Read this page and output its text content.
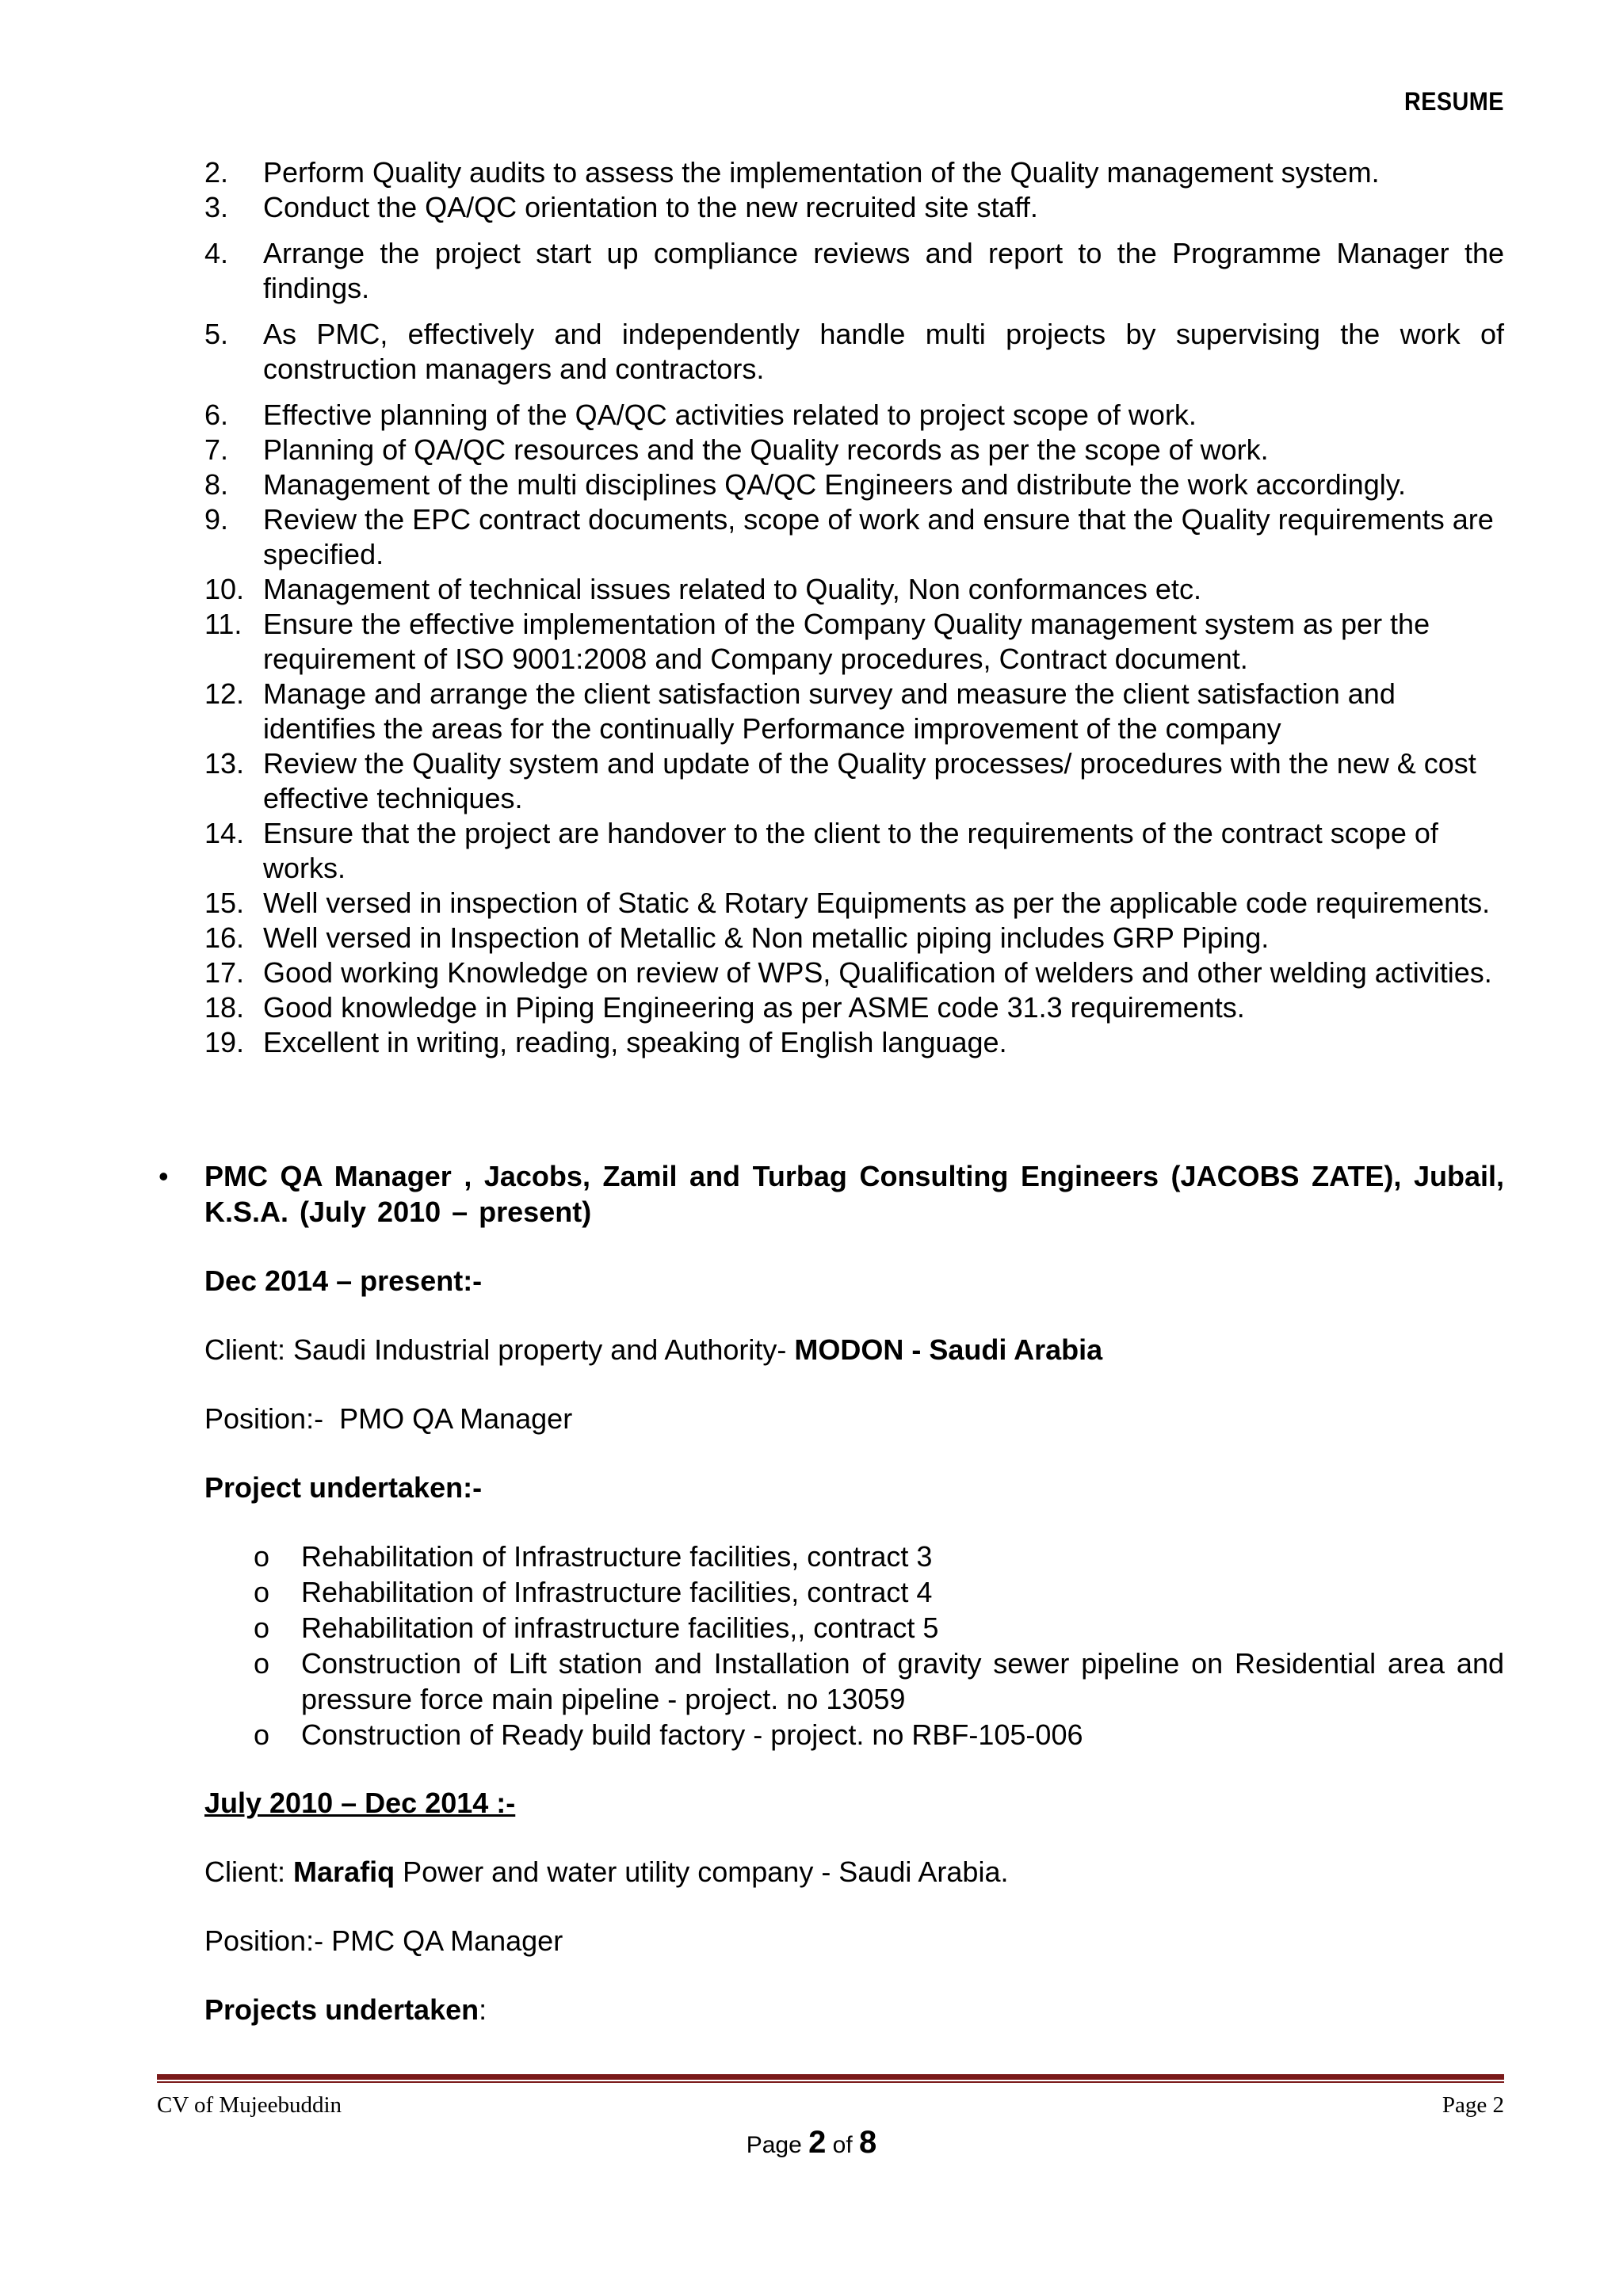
RESUME
2.	Perform Quality audits to assess the implementation of the Quality management system.
3.	Conduct the QA/QC orientation to the new recruited site staff.
4.	Arrange the project start up compliance reviews and report to the Programme Manager the findings.
5.	As PMC, effectively and independently handle multi projects by supervising the work of construction managers and contractors.
6.	Effective planning of the QA/QC activities related to project scope of work.
7.	Planning of QA/QC resources and the Quality records as per the scope of work.
8.	Management of the multi disciplines QA/QC Engineers and distribute the work accordingly.
9.	Review the EPC contract documents, scope of work and ensure that the Quality requirements are specified.
10. Management of technical issues related to Quality, Non conformances etc.
11. Ensure the effective implementation of the Company Quality management system as per the requirement of ISO 9001:2008 and Company procedures, Contract document.
12. Manage and arrange the client satisfaction survey and measure the client satisfaction and identifies the areas for the continually Performance improvement of the company
13. Review the Quality system and update of the Quality processes/ procedures with the new & cost effective techniques.
14. Ensure that the project are handover to the client to the requirements of the contract scope of works.
15. Well versed in inspection of Static & Rotary Equipments as per the applicable code requirements.
16. Well versed in Inspection of Metallic & Non metallic piping includes GRP Piping.
17. Good working Knowledge on review of WPS, Qualification of welders and other welding activities.
18. Good knowledge in Piping Engineering as per ASME code 31.3 requirements.
19. Excellent in writing, reading, speaking of English language.
•	PMC QA Manager , Jacobs, Zamil and Turbag Consulting Engineers (JACOBS ZATE), Jubail, K.S.A. (July 2010 – present)
Dec 2014 – present:-
Client: Saudi Industrial property and Authority- MODON - Saudi Arabia
Position:-  PMO QA Manager
Project undertaken:-
o	Rehabilitation of Infrastructure facilities, contract 3
o	Rehabilitation of Infrastructure facilities, contract 4
o	Rehabilitation of infrastructure facilities,, contract 5
o	Construction of Lift station and Installation of gravity sewer pipeline on Residential area and pressure force main pipeline - project. no 13059
o	Construction of Ready build factory - project. no RBF-105-006
July 2010 – Dec 2014 :-
Client: Marafiq Power and water utility company - Saudi Arabia.
Position:- PMC QA Manager
Projects undertaken:
CV of Mujeebuddin	Page 2
Page 2 of 8
